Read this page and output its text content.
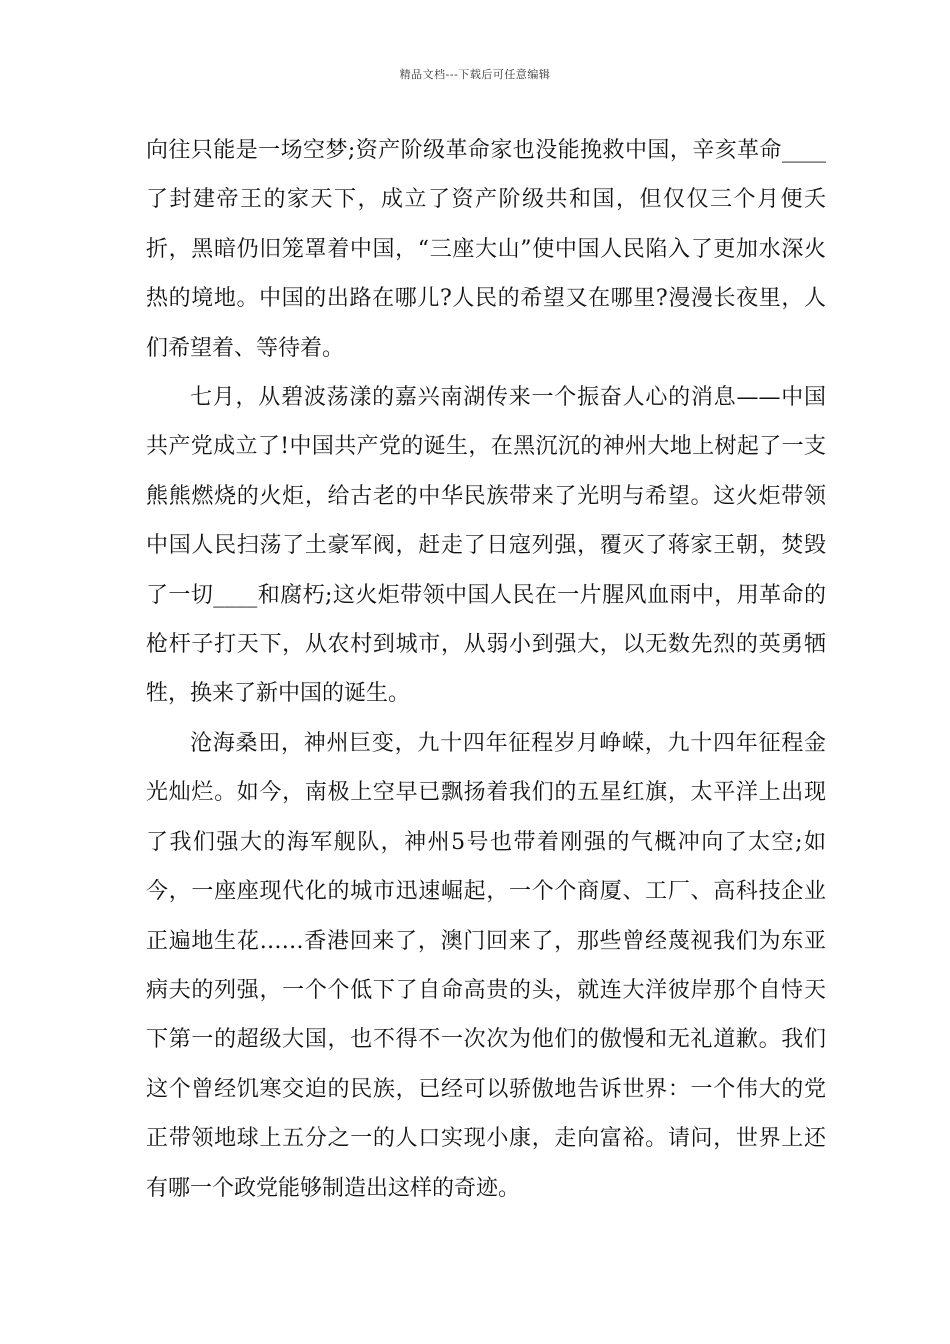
精品文档---下载后可任意编辑

向往只能是一场空梦;资产阶级革命家也没能挽救中国，辛亥革命____了封建帝王的家天下，成立了资产阶级共和国，但仅仅三个月便夭折，黑暗仍旧笼罩着中国，“三座大山”使中国人民陷入了更加水深火热的境地。中国的出路在哪儿?人民的希望又在哪里?漫漫长夜里，人们希望着、等待着。

七月，从碧波荡漾的嘉兴南湖传来一个振奋人心的消息——中国共产党成立了!中国共产党的诞生，在黑沉沉的神州大地上树起了一支熊熊燃烧的火炬，给古老的中华民族带来了光明与希望。这火炬带领中国人民扫荡了土豪军阀，赶走了日寇列强，覆灭了蒋家王朝，焚毁了一切____和腐朽;这火炬带领中国人民在一片腥风血雨中，用革命的枪杆子打天下，从农村到城市，从弱小到强大，以无数先烈的英勇牺牲，换来了新中国的诞生。

沧海桑田，神州巨变，九十四年征程岁月峥嵘，九十四年征程金光灿烂。如今，南极上空早已飘扬着我们的五星红旗，太平洋上出现了我们强大的海军舰队，神州5号也带着刚强的气概冲向了太空;如今，一座座现代化的城市迅速崛起，一个个商厦、工厂、高科技企业正遍地生花……香港回来了，澳门回来了，那些曾经蔑视我们为东亚病夫的列强，一个个低下了自命高贵的头，就连大洋彼岸那个自恃天下第一的超级大国，也不得不一次次为他们的傲慢和无礼道歉。我们这个曾经饥寒交迫的民族，已经可以骄傲地告诉世界：一个伟大的党正带领地球上五分之一的人口实现小康，走向富裕。请问，世界上还有哪一个政党能够制造出这样的奇迹。
